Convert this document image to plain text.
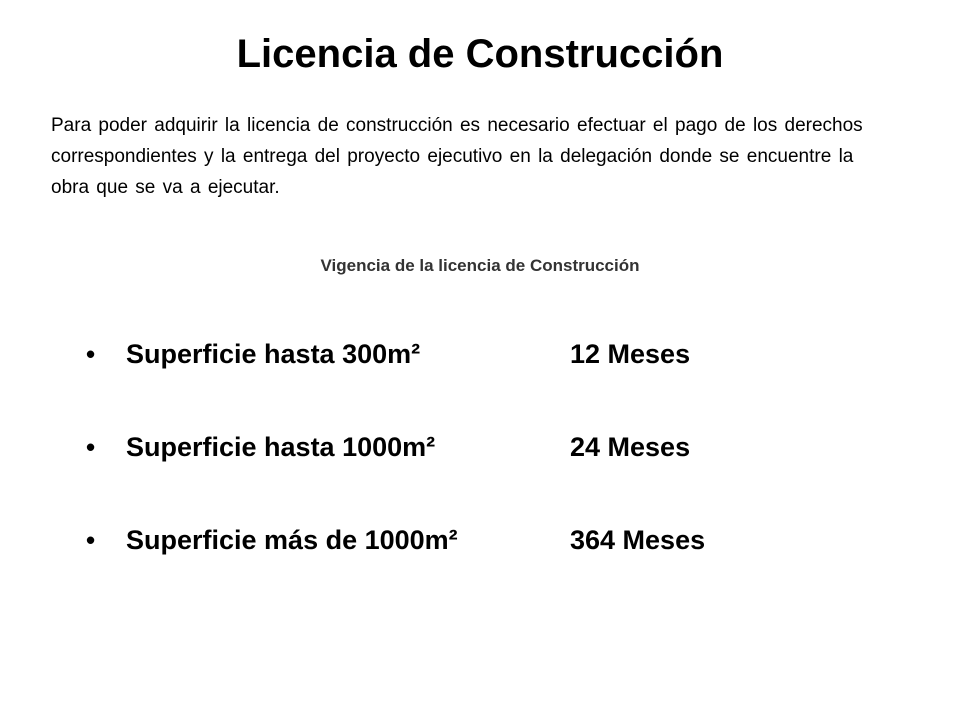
Licencia de Construcción
Para poder adquirir la licencia de construcción es necesario efectuar el pago de los derechos correspondientes y la entrega del proyecto ejecutivo en la delegación donde se encuentre la obra que se va a ejecutar.
Vigencia de la licencia de Construcción
•	Superficie hasta 300m²	12 Meses
•	Superficie hasta 1000m²	24 Meses
•	Superficie más de 1000m²	364 Meses
